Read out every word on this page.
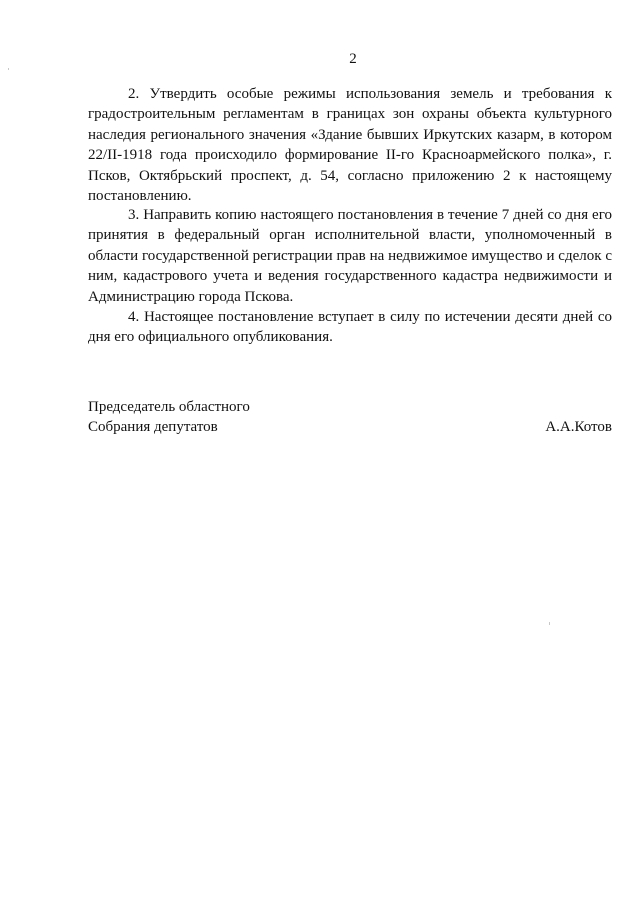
2

2. Утвердить особые режимы использования земель и требования к градостроительным регламентам в границах зон охраны объекта культурного наследия регионального значения «Здание бывших Иркутских казарм, в котором 22/II-1918 года происходило формирование II-го Красноармейского полка», г. Псков, Октябрьский проспект, д. 54, согласно приложению 2 к настоящему постановлению.

3. Направить копию настоящего постановления в течение 7 дней со дня его принятия в федеральный орган исполнительной власти, уполномоченный в области государственной регистрации прав на недвижимое имущество и сделок с ним, кадастрового учета и ведения государственного кадастра недвижимости и Администрацию города Пскова.

4. Настоящее постановление вступает в силу по истечении десяти дней со дня его официального опубликования.

Председатель областного
Собрания депутатов	А.А.Котов
